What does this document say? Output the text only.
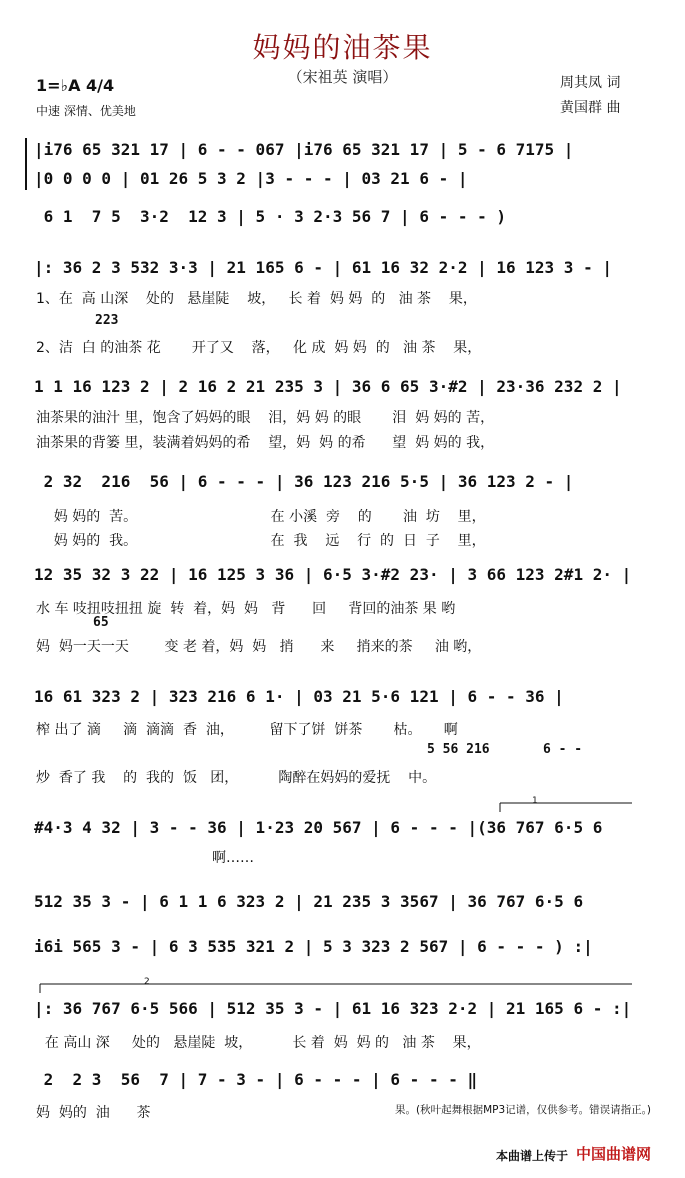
妈妈的油茶果
（宋祖英 演唱）
1=♭A 4/4
中速 深情、优美地
周其凤 词
黄国群 曲
|i76 65 321 17 | 6 - - 067 |i76 65 321 17 | 5 - 6 7175 |
|0 0 0 0 | 01 26 5 3 2 |3 - - - | 03 21 6 - |
6 1  7 5  3·2  12 3 | 5 · 3 2·3 56 7 | 6 - - - )
|: 36 2 3 532 3·3 | 21 165 6 - | 61 16 32 2·2 | 16 123 3 - |
1 1 16 123 2 | 2 16 2 21 235 3 | 36 6 65 3·#2 | 23·36 232 2 |
2 32  216  56 | 6 - - - | 36 123 216 5·5 | 36 123 2 - |
12 35 32 3 22 | 16 125 3 36 | 6·5 3·#2 23· | 3 66 123 2#1 2· |
16 61 323 2 | 323 216 6 1· | 03 21 5·6 121 | 6 - - 36 |
#4·3 4 32 | 3 - - 36 | 1·23 20 567 | 6 - - - |(36 767 6·5 6
512 35 3 - | 6 1 1 6 323 2 | 21 235 3 3567 | 36 767 6·5 6
i6i 565 3 - | 6 3 535 321 2 | 5 3 323 2 567 | 6 - - - ) :|
|: 36 767 6·5 566 | 512 35 3 - | 61 16 323 2·2 | 21 165 6 - :|
2  2 3  56  7 | 7 - 3 - | 6 - - - | 6 - - - ‖
1、在  高 山深    处的   悬崖陡    坡，   长 着  妈 妈  的   油 茶    果，
2、洁  白 的油茶 花       开了又    落，   化 成  妈 妈  的   油 茶    果，
油茶果的油汁 里，饱含了妈妈的眼    泪，妈 妈 的眼       泪  妈 妈的 苦，
油茶果的背篓 里，装满着妈妈的希    望，妈  妈 的希      望  妈 妈的 我，
妈 妈的  苦。                              在 小溪  旁    的       油  坊    里，
妈 妈的  我。                              在  我    远    行  的  日  子    里，
水 车 吱扭吱扭扭 旋  转  着，妈  妈   背      回     背回的油茶 果 哟
妈  妈一天一天        变 老 着，妈  妈   捎      来     捎来的茶     油 哟，
榨 出了 滴     滴  滴滴  香  油，        留下了饼  饼茶       枯。     啊
炒  香了 我    的  我的  饭   团，         陶醉在妈妈的爱抚    中。
啊……
在 高山 深     处的   悬崖陡  坡，         长 着  妈  妈 的   油 茶    果，
妈  妈的  油      茶
223
65
5 56 216	6 - -
1
2
果。(秋叶起舞根据MP3记谱，仅供参考。错误请指正。)
本曲谱上传于 中国曲谱网
